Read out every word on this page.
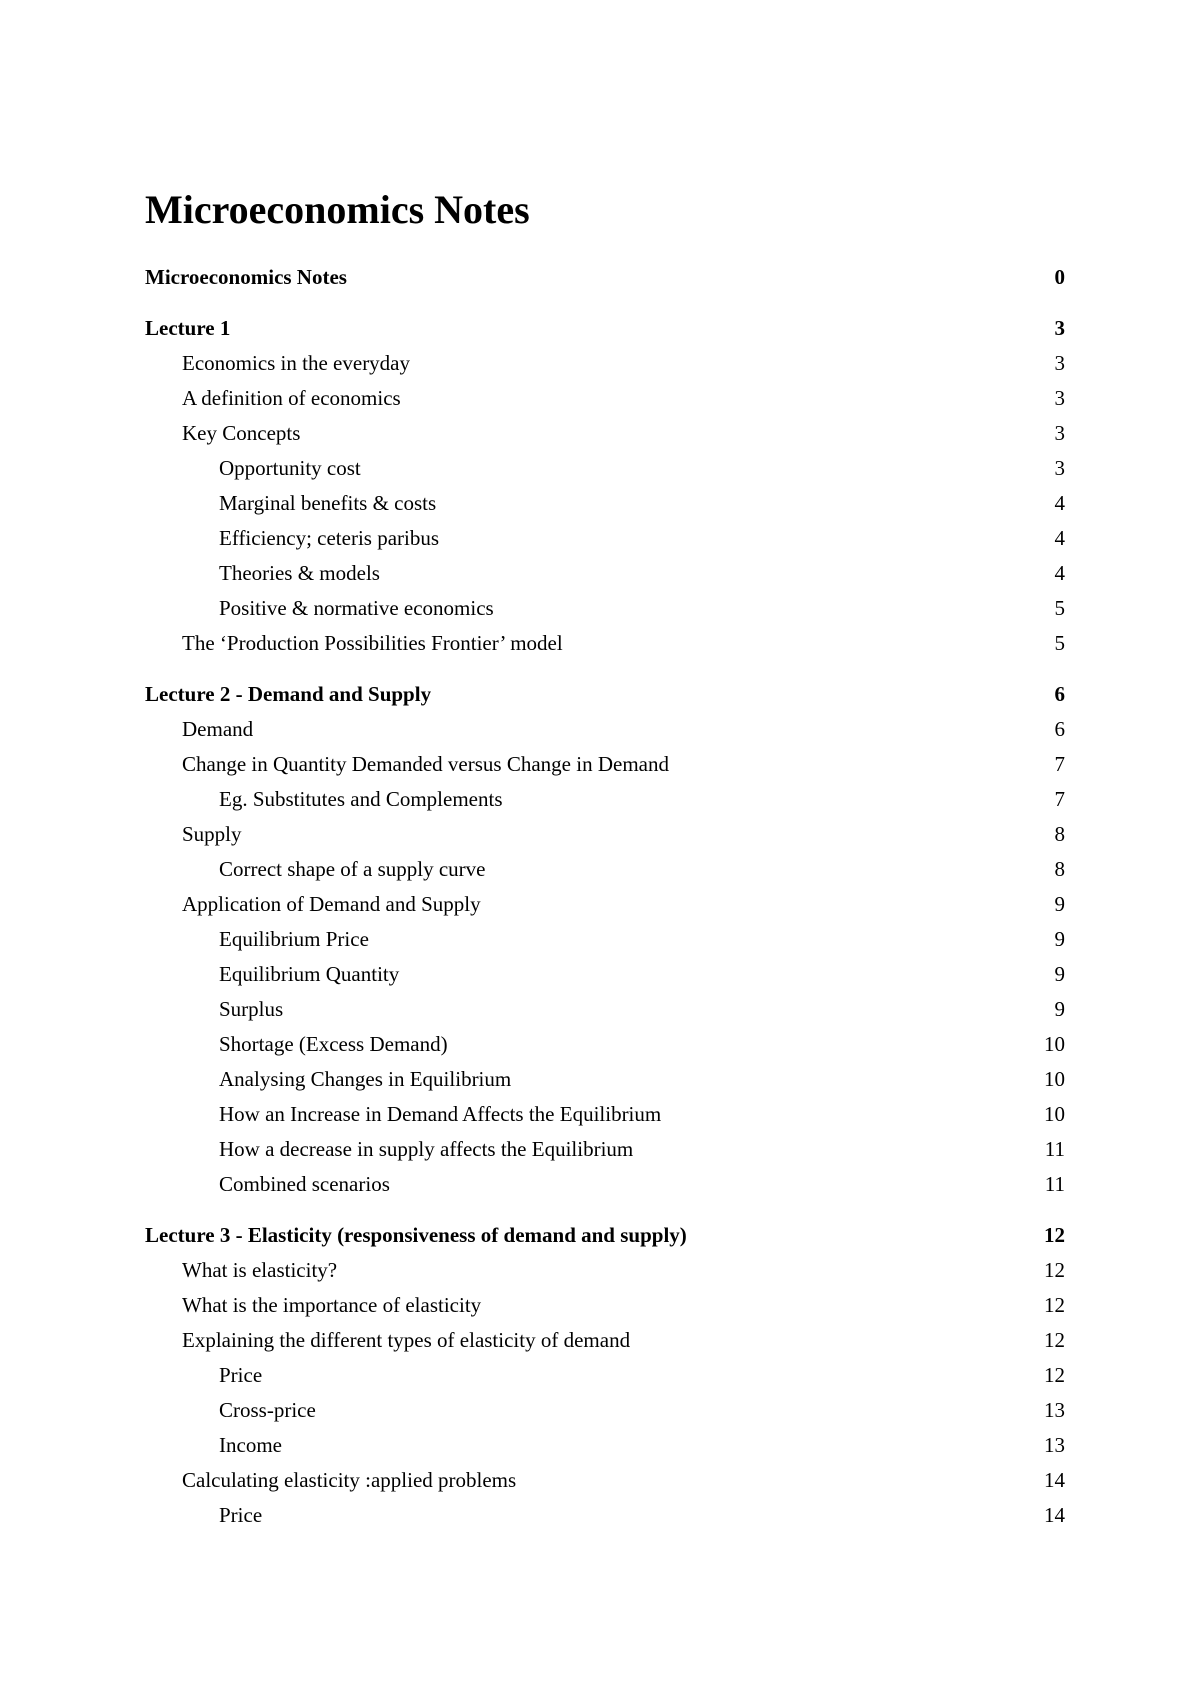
Microeconomics Notes
Microeconomics Notes	0
Lecture 1	3
Economics in the everyday	3
A definition of economics	3
Key Concepts	3
Opportunity cost	3
Marginal benefits & costs	4
Efficiency; ceteris paribus	4
Theories & models	4
Positive & normative economics	5
The ‘Production Possibilities Frontier’ model	5
Lecture 2 - Demand and Supply	6
Demand	6
Change in Quantity Demanded versus Change in Demand	7
Eg. Substitutes and Complements	7
Supply	8
Correct shape of a supply curve	8
Application of Demand and Supply	9
Equilibrium Price	9
Equilibrium Quantity	9
Surplus	9
Shortage (Excess Demand)	10
Analysing Changes in Equilibrium	10
How an Increase in Demand Affects the Equilibrium	10
How a decrease in supply affects the Equilibrium	11
Combined scenarios	11
Lecture 3 - Elasticity (responsiveness of demand and supply)	12
What is elasticity?	12
What is the importance of elasticity	12
Explaining the different types of elasticity of demand	12
Price	12
Cross-price	13
Income	13
Calculating elasticity :applied problems	14
Price	14
